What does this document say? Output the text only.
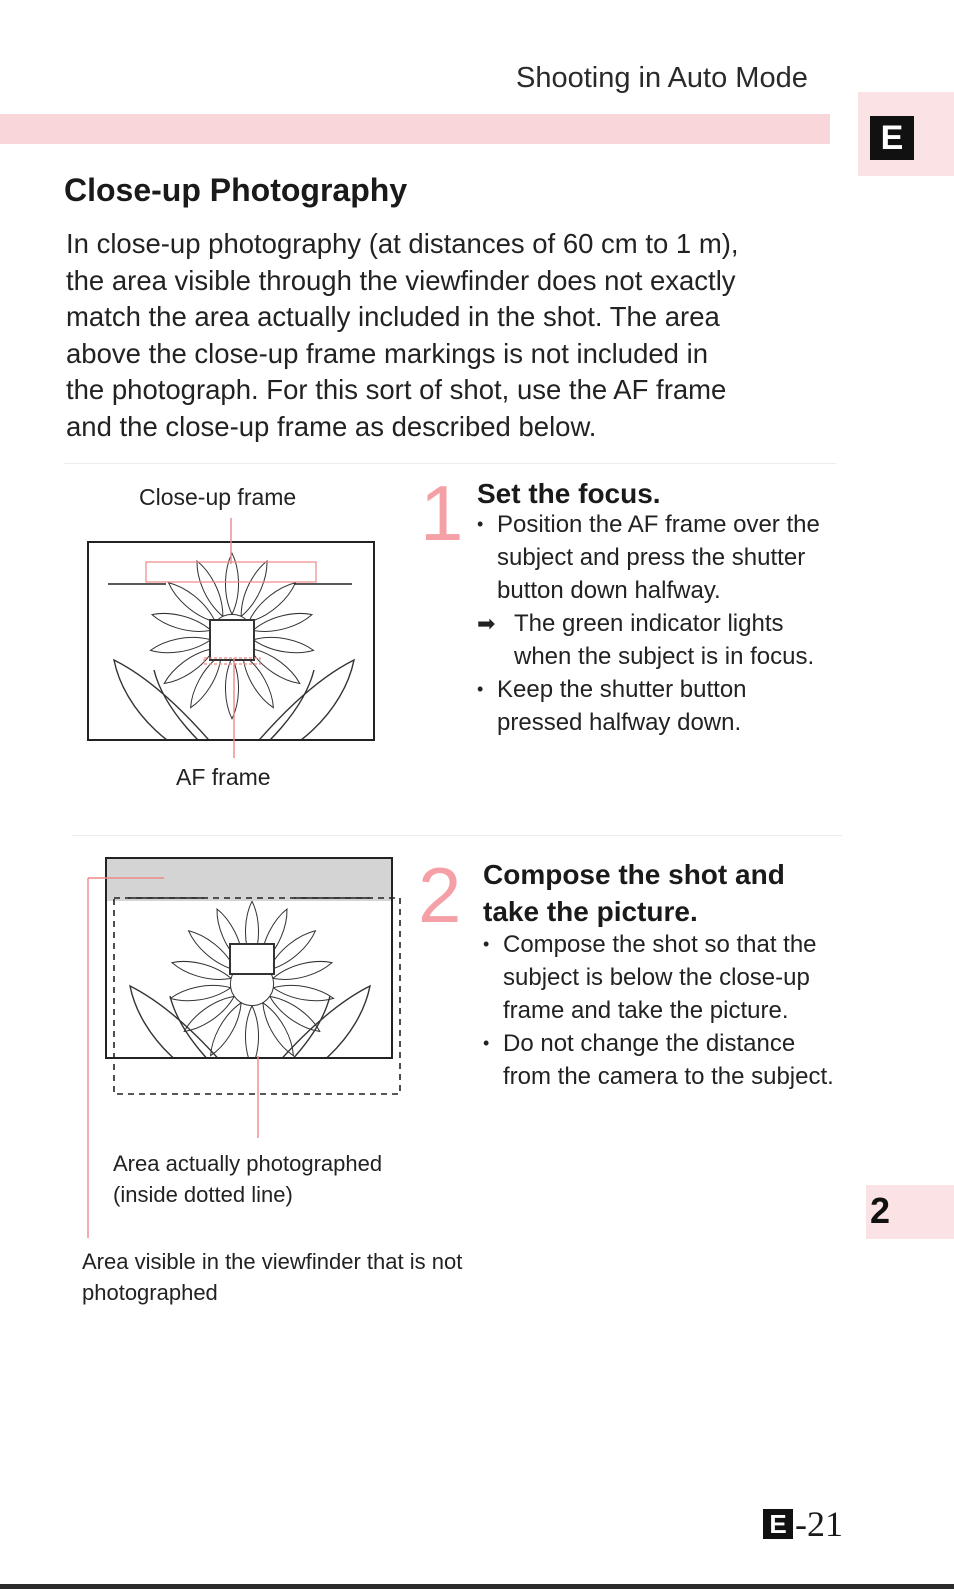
Shooting in Auto Mode
E
2
Close-up Photography
In close-up photography (at distances of 60 cm to 1 m),
the area visible through the viewfinder does not exactly
match the area actually included in the shot. The area
above the close-up frame markings is not included in
the photograph. For this sort of shot, use the AF frame
and the close-up frame as described below.
Close-up frame
AF frame
1 Set the focus.
• Position the AF frame over the subject and press the shutter button down halfway.
➡ The green indicator lights when the subject is in focus.
• Keep the shutter button pressed halfway down.
Area actually photographed (inside dotted line)
Area visible in the viewfinder that is not photographed
2 Compose the shot and take the picture.
• Compose the shot so that the subject is below the close-up frame and take the picture.
• Do not change the distance from the camera to the subject.
E -21
